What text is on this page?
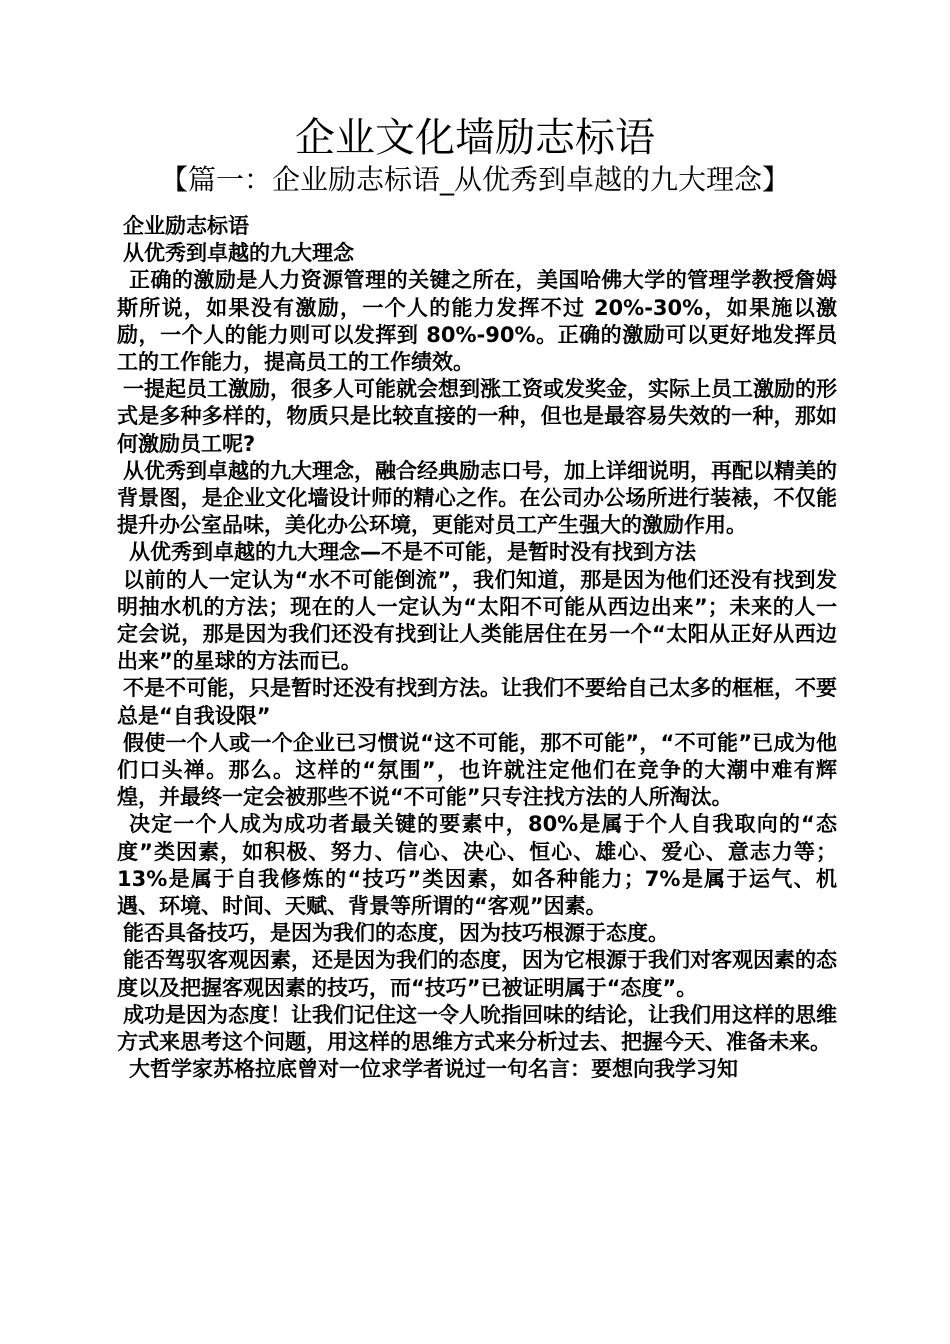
企业文化墙励志标语
【篇一：企业励志标语_从优秀到卓越的九大理念】

企业励志标语

从优秀到卓越的九大理念

正确的激励是人力资源管理的关键之所在，美国哈佛大学的管理学教授詹姆斯所说，如果没有激励，一个人的能力发挥不过 20%-30%，如果施以激励，一个人的能力则可以发挥到 80%-90%。正确的激励可以更好地发挥员工的工作能力，提高员工的工作绩效。

一提起员工激励，很多人可能就会想到涨工资或发奖金，实际上员工激励的形式是多种多样的，物质只是比较直接的一种，但也是最容易失效的一种，那如何激励员工呢?

从优秀到卓越的九大理念，融合经典励志口号，加上详细说明，再配以精美的背景图，是企业文化墙设计师的精心之作。在公司办公场所进行装裱，不仅能提升办公室品味，美化办公环境，更能对员工产生强大的激励作用。

从优秀到卓越的九大理念—不是不可能，是暂时没有找到方法

以前的人一定认为“水不可能倒流”，我们知道，那是因为他们还没有找到发明抽水机的方法；现在的人一定认为“太阳不可能从西边出来”；未来的人一定会说，那是因为我们还没有找到让人类能居住在另一个“太阳从正好从西边出来”的星球的方法而已。

不是不可能，只是暂时还没有找到方法。让我们不要给自己太多的框框，不要总是“自我设限”

假使一个人或一个企业已习惯说“这不可能，那不可能”，“不可能”已成为他们口头禅。那么。这样的“氛围”，也许就注定他们在竞争的大潮中难有辉煌，并最终一定会被那些不说“不可能”只专注找方法的人所淘汰。

决定一个人成为成功者最关键的要素中，80%是属于个人自我取向的“态度”类因素，如积极、努力、信心、决心、恒心、雄心、爱心、意志力等；13%是属于自我修炼的“技巧”类因素，如各种能力；7%是属于运气、机遇、环境、时间、天赋、背景等所谓的“客观”因素。

能否具备技巧，是因为我们的态度，因为技巧根源于态度。

能否驾驭客观因素，还是因为我们的态度，因为它根源于我们对客观因素的态度以及把握客观因素的技巧，而“技巧”已被证明属于“态度”。

成功是因为态度！让我们记住这一令人吮指回味的结论，让我们用这样的思维方式来思考这个问题，用这样的思维方式来分析过去、把握今天、准备未来。

大哲学家苏格拉底曾对一位求学者说过一句名言：要想向我学习知
